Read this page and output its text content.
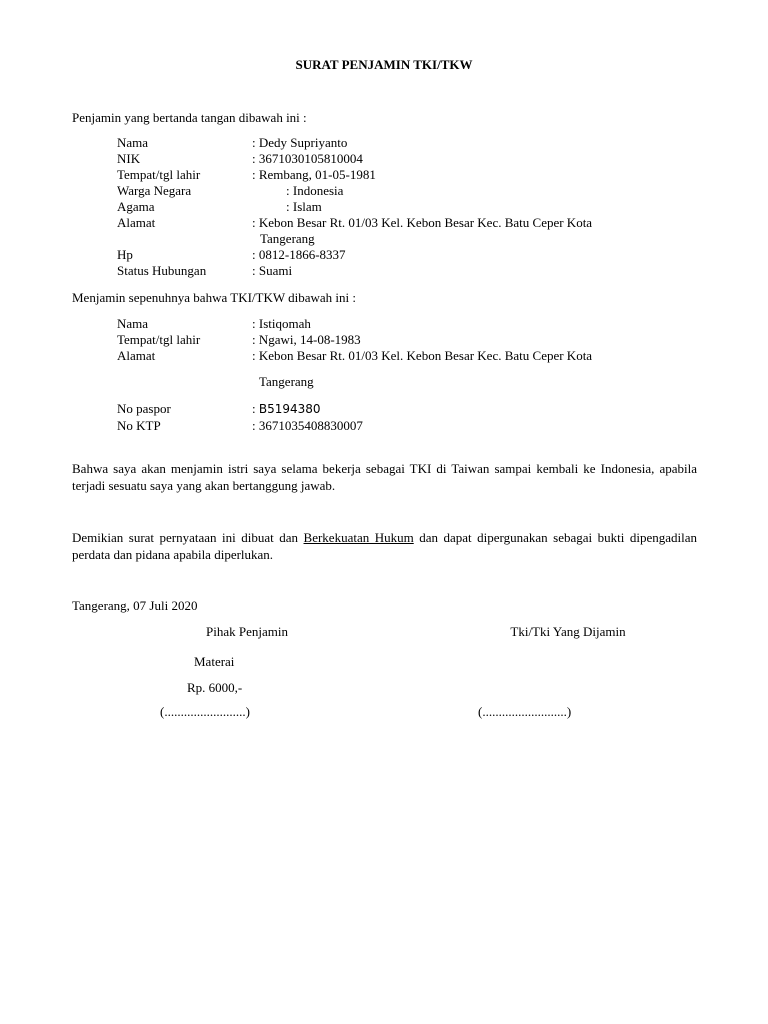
SURAT PENJAMIN TKI/TKW
Penjamin yang bertanda tangan dibawah ini :
Nama	: Dedy Supriyanto
NIK	: 3671030105810004
Tempat/tgl lahir	: Rembang, 01-05-1981
Warga Negara	: Indonesia
Agama	: Islam
Alamat	: Kebon Besar Rt. 01/03 Kel. Kebon Besar Kec. Batu Ceper Kota
Tangerang
Hp	: 0812-1866-8337
Status Hubungan	: Suami
Menjamin sepenuhnya bahwa TKI/TKW dibawah ini :
Nama	: Istiqomah
Tempat/tgl lahir	: Ngawi, 14-08-1983
Alamat	: Kebon Besar Rt. 01/03 Kel. Kebon Besar Kec. Batu Ceper Kota
Tangerang
No paspor	: B5194380
No KTP	: 3671035408830007
Bahwa saya akan menjamin istri saya selama bekerja sebagai TKI di Taiwan sampai kembali ke Indonesia, apabila terjadi sesuatu saya yang akan bertanggung jawab.
Demikian surat pernyataan ini dibuat dan Berkekuatan Hukum dan dapat dipergunakan sebagai bukti dipengadilan perdata dan pidana apabila diperlukan.
Tangerang, 07 Juli 2020
Pihak Penjamin	Tki/Tki Yang Dijamin
Materai
Rp. 6000,-
(.........................)	(..........................)
